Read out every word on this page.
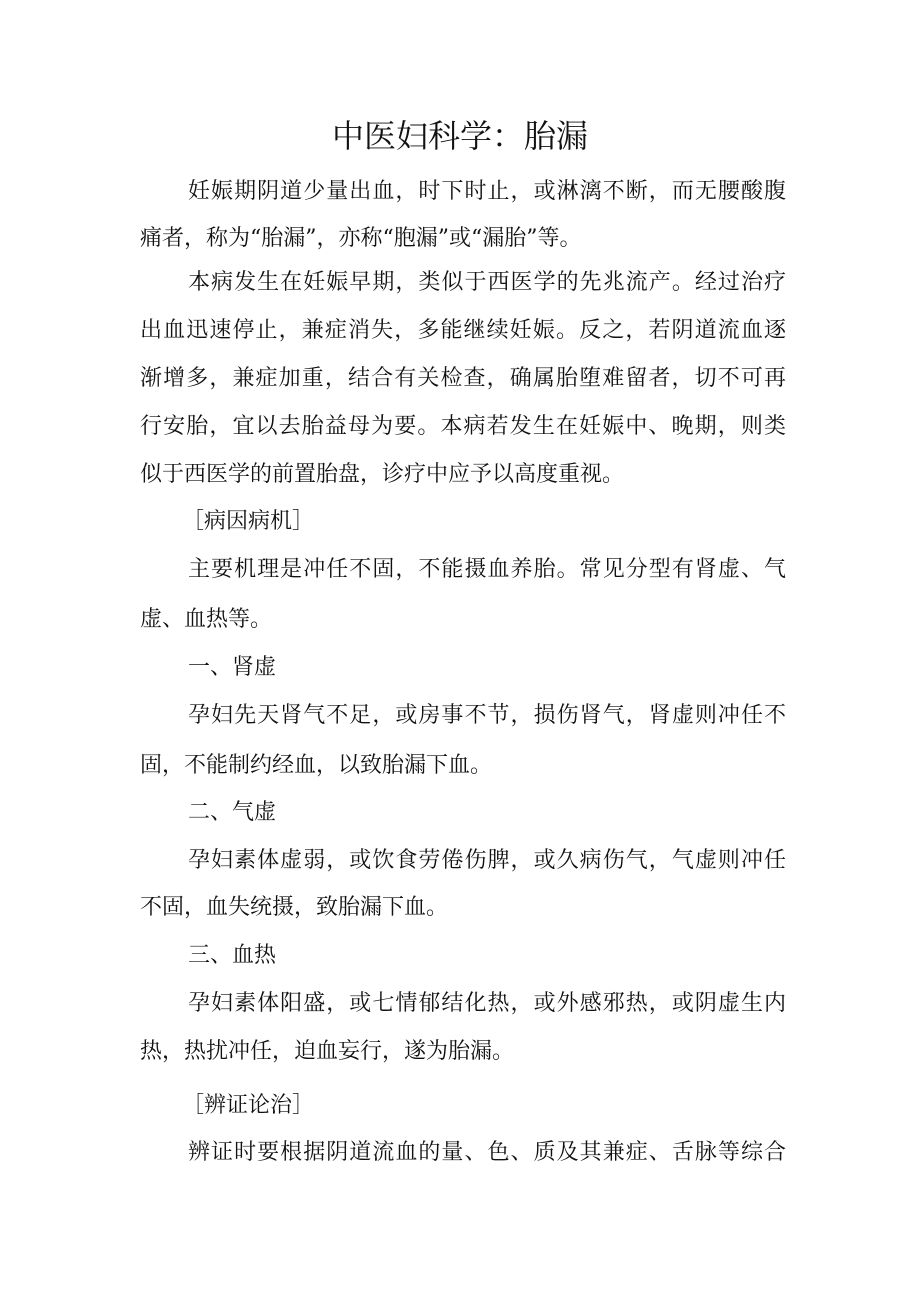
中医妇科学：胎漏
妊娠期阴道少量出血，时下时止，或淋漓不断，而无腰酸腹
痛者，称为“胎漏”，亦称“胞漏”或“漏胎”等。
本病发生在妊娠早期，类似于西医学的先兆流产。经过治疗
出血迅速停止，兼症消失，多能继续妊娠。反之，若阴道流血逐
渐增多，兼症加重，结合有关检查，确属胎堕难留者，切不可再
行安胎，宜以去胎益母为要。本病若发生在妊娠中、晚期，则类
似于西医学的前置胎盘，诊疗中应予以高度重视。
［病因病机］
主要机理是冲任不固，不能摄血养胎。常见分型有肾虚、气
虚、血热等。
一、肾虚
孕妇先天肾气不足，或房事不节，损伤肾气，肾虚则冲任不
固，不能制约经血，以致胎漏下血。
二、气虚
孕妇素体虚弱，或饮食劳倦伤脾，或久病伤气，气虚则冲任
不固，血失统摄，致胎漏下血。
三、血热
孕妇素体阳盛，或七情郁结化热，或外感邪热，或阴虚生内
热，热扰冲任，迫血妄行，遂为胎漏。
［辨证论治］
辨证时要根据阴道流血的量、色、质及其兼症、舌脉等综合
